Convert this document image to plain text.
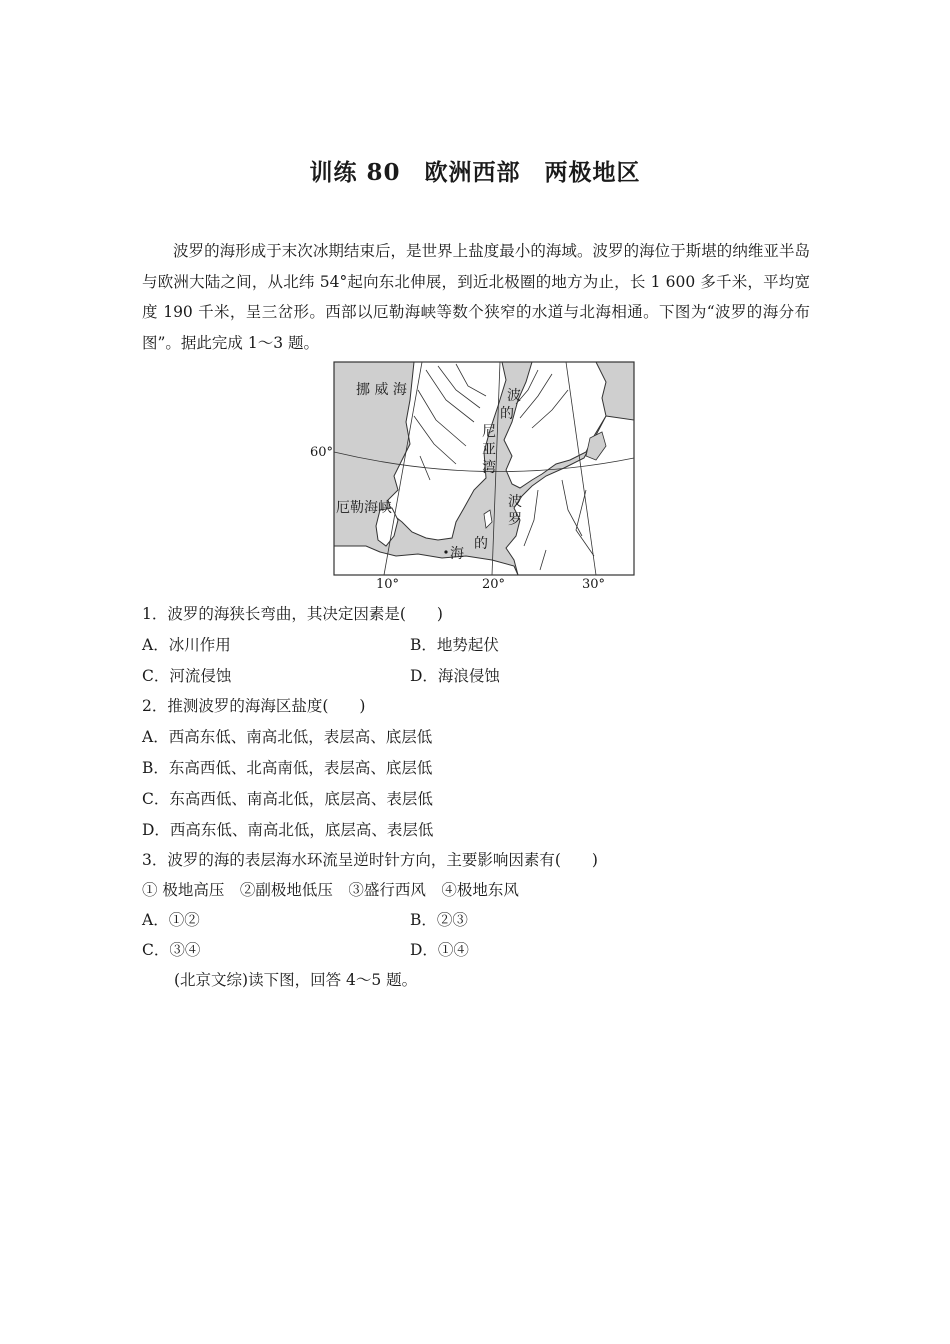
训练 80　欧洲西部　两极地区

波罗的海形成于末次冰期结束后，是世界上盐度最小的海域。波罗的海位于斯堪的纳维亚半岛与欧洲大陆之间，从北纬 54°起向东北伸展，到近北极圈的地方为止，长 1 600 多千米，平均宽度 190 千米，呈三岔形。西部以厄勒海峡等数个狭窄的水道与北海相通。下图为“波罗的海分布图”。据此完成 1～3 题。

挪 威 海	波
的
尼
亚
湾
厄勒海峡	波
罗
的
海
60°
10°	20°	30°
1．波罗的海狭长弯曲，其决定因素是(　　)
A．冰川作用	B．地势起伏
C．河流侵蚀	D．海浪侵蚀
2．推测波罗的海海区盐度(　　)
A．西高东低、南高北低，表层高、底层低
B．东高西低、北高南低，表层高、底层低
C．东高西低、南高北低，底层高、表层低
D．西高东低、南高北低，底层高、表层低
3．波罗的海的表层海水环流呈逆时针方向，主要影响因素有(　　)
① 极地高压　②副极地低压　③盛行西风　④极地东风
A．①②	B．②③
C．③④	D．①④
(北京文综)读下图，回答 4～5 题。
